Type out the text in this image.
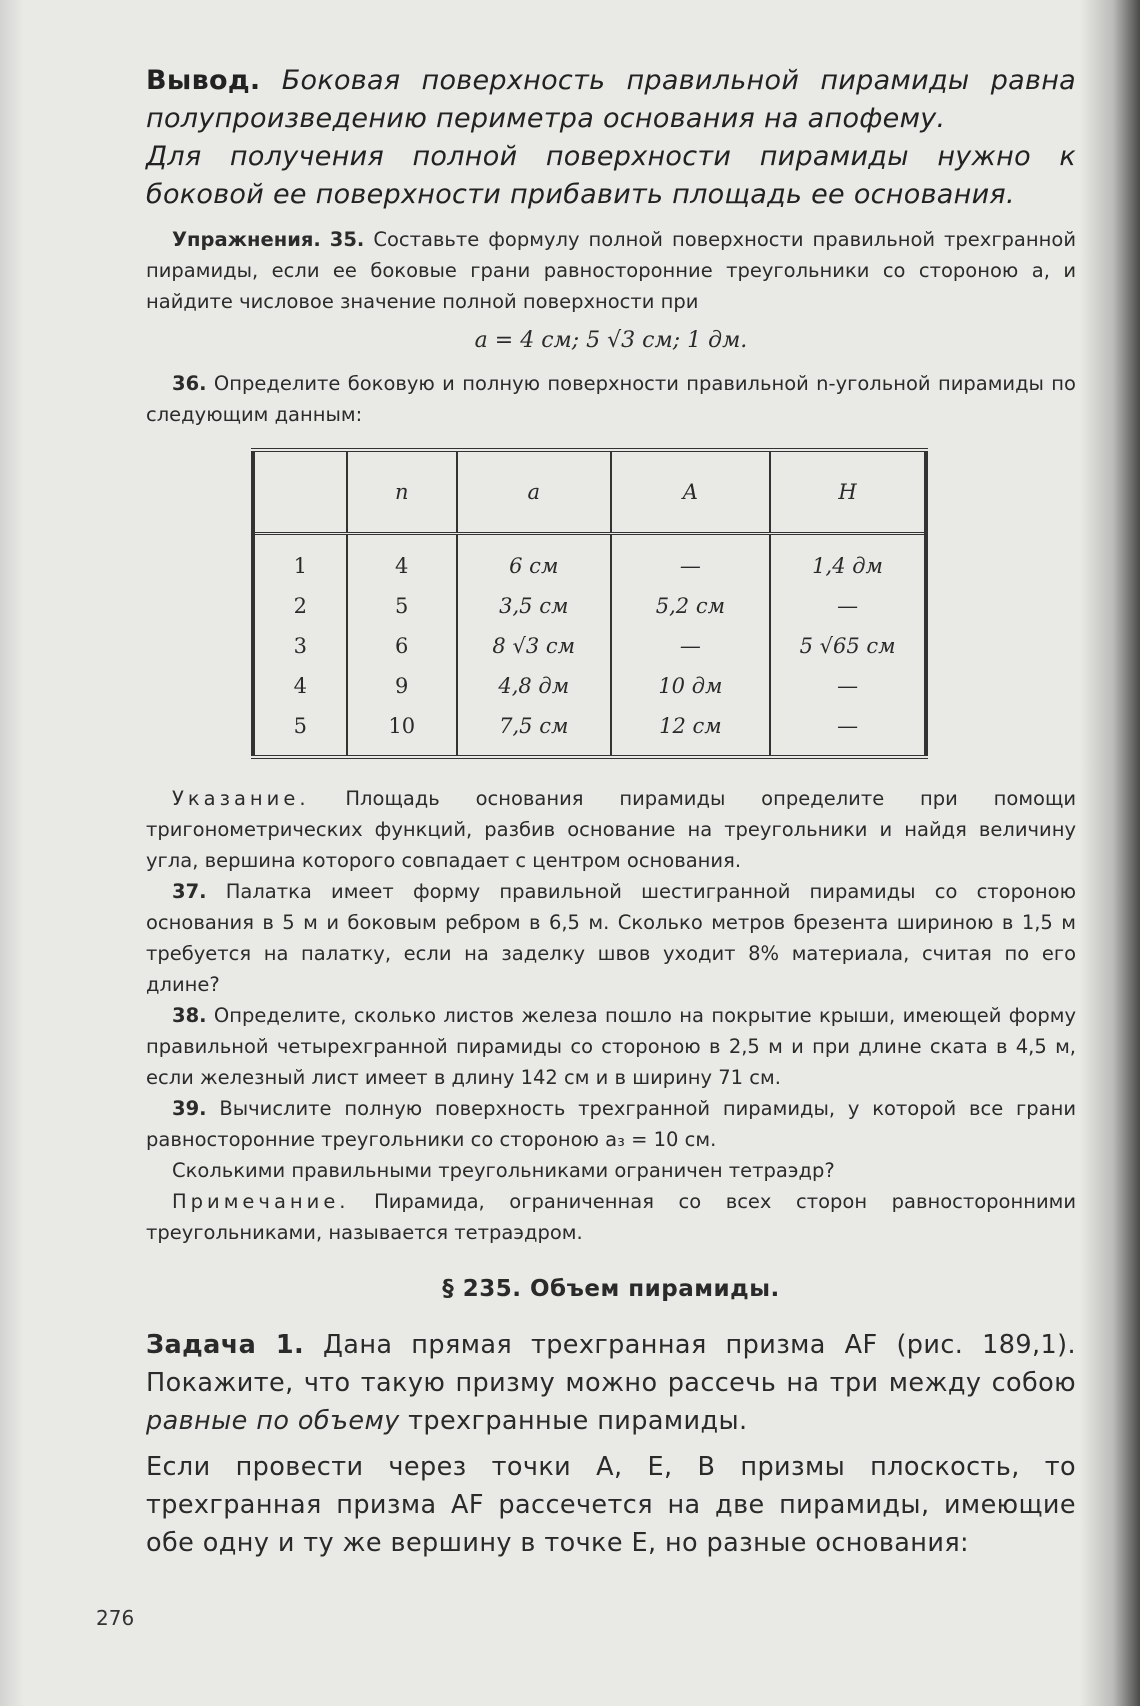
Вывод. Боковая поверхность правильной пирамиды равна полупроизведению периметра основания на апофему.

Для получения полной поверхности пирамиды нужно к боковой ее поверхности прибавить площадь ее основания.

Упражнения. 35. Составьте формулу полной поверхности правильной трехгранной пирамиды, если ее боковые грани равносторонние треугольники со стороною a, и найдите числовое значение полной поверхности при

a = 4 см; 5 √3 см; 1 дм.

36. Определите боковую и полную поверхности правильной n-угольной пирамиды по следующим данным:

	n	a	A	H
1	4	6 см	—	1,4 дм
2	5	3,5 см	5,2 см	—
3	6	8 √3 см	—	5 √65 см
4	9	4,8 дм	10 дм	—
5	10	7,5 см	12 см	—

Указание. Площадь основания пирамиды определите при помощи тригонометрических функций, разбив основание на треугольники и найдя величину угла, вершина которого совпадает с центром основания.

37. Палатка имеет форму правильной шестигранной пирамиды со стороною основания в 5 м и боковым ребром в 6,5 м. Сколько метров брезента шириною в 1,5 м требуется на палатку, если на заделку швов уходит 8% материала, считая по его длине?

38. Определите, сколько листов железа пошло на покрытие крыши, имеющей форму правильной четырехгранной пирамиды со стороною в 2,5 м и при длине ската в 4,5 м, если железный лист имеет в длину 142 см и в ширину 71 см.

39. Вычислите полную поверхность трехгранной пирамиды, у которой все грани равносторонние треугольники со стороною a₃ = 10 см.

Сколькими правильными треугольниками ограничен тетраэдр?

Примечание. Пирамида, ограниченная со всех сторон равносторонними треугольниками, называется тетраэдром.

§ 235. Объем пирамиды.

Задача 1. Дана прямая трехгранная призма AF (рис. 189,1). Покажите, что такую призму можно рассечь на три между собою равные по объему трехгранные пирамиды.

Если провести через точки A, E, B призмы плоскость, то трехгранная призма AF рассечется на две пирамиды, имеющие обе одну и ту же вершину в точке E, но разные основания:

276
